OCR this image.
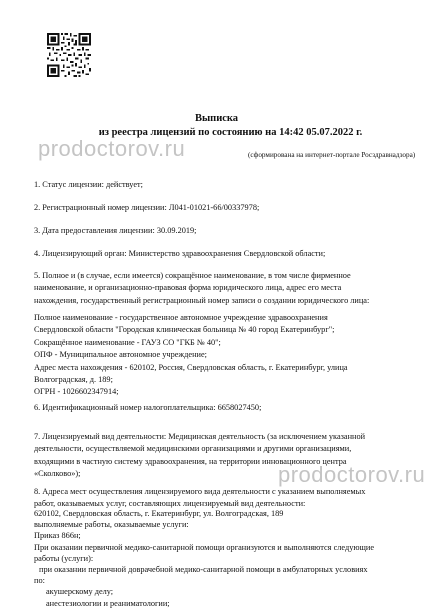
prodoctorov.ru
prodoctorov.ru
Выписка
из реестра лицензий по состоянию на 14:42 05.07.2022 г.
(сформирована на интернет-портале Росздравнадзора)
1. Статус лицензии: действует;
2. Регистрационный номер лицензии: Л041-01021-66/00337978;
3. Дата предоставления лицензии: 30.09.2019;
4. Лицензирующий орган: Министерство здравоохранения Свердловской области;
5. Полное и (в случае, если имеется) сокращённое наименование, в том числе фирменное
наименование, и организационно-правовая форма юридического лица, адрес его места
нахождения, государственный регистрационный номер записи о создании юридического лица:
Полное наименование - государственное автономное учреждение здравоохранения
Свердловской области "Городская клиническая больница № 40 город Екатеринбург";
Сокращённое наименование - ГАУЗ СО "ГКБ № 40";
ОПФ - Муниципальное автономное учреждение;
Адрес места нахождения - 620102, Россия, Свердловская область, г. Екатеринбург, улица
Волгоградская, д. 189;
ОГРН - 1026602347914;
6. Идентификационный номер налогоплательщика: 6658027450;
7. Лицензируемый вид деятельности: Медицинская деятельность (за исключением указанной
деятельности, осуществляемой медицинскими организациями и другими организациями,
входящими в частную систему здравоохранения, на территории инновационного центра
«Сколково»);
8. Адреса мест осуществления лицензируемого вида деятельности с указанием выполняемых
работ, оказываемых услуг, составляющих лицензируемый вид деятельности:
620102, Свердловская область, г. Екатеринбург, ул. Волгоградская, 189
выполняемые работы, оказываемые услуги:
Приказ 866н;
При оказании первичной медико-санитарной помощи организуются и выполняются следующие
работы (услуги):
при оказании первичной доврачебной медико-санитарной помощи в амбулаторных условиях
по:
акушерскому делу;
анестезиологии и реаниматологии;
